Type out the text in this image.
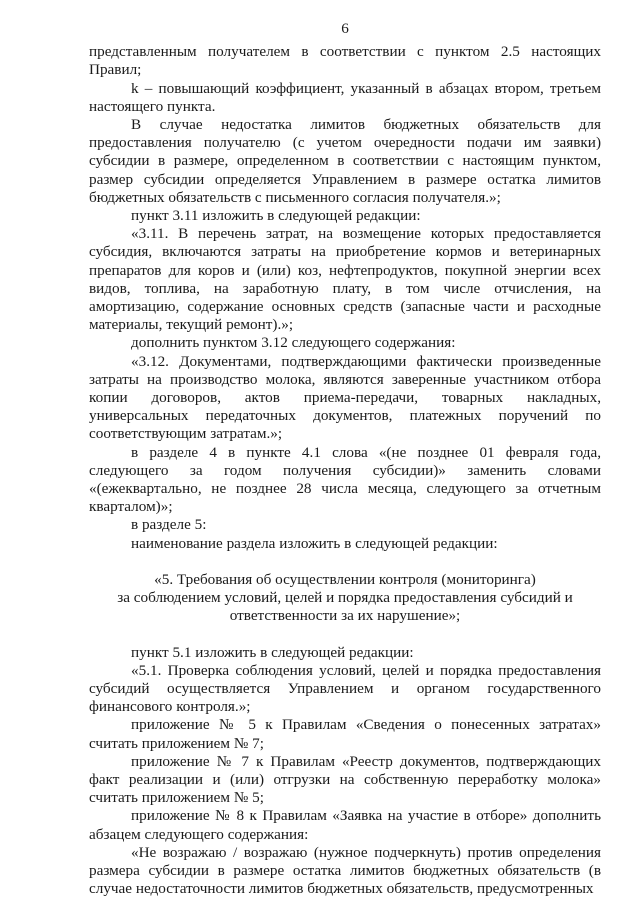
6

представленным получателем в соответствии с пунктом 2.5 настоящих Правил;

k – повышающий коэффициент, указанный в абзацах втором, третьем настоящего пункта.

В случае недостатка лимитов бюджетных обязательств для предоставления получателю (с учетом очередности подачи им заявки) субсидии в размере, определенном в соответствии с настоящим пунктом, размер субсидии определяется Управлением в размере остатка лимитов бюджетных обязательств с письменного согласия получателя.»;

пункт 3.11 изложить в следующей редакции:

«3.11. В перечень затрат, на возмещение которых предоставляется субсидия, включаются затраты на приобретение кормов и ветеринарных препаратов для коров и (или) коз, нефтепродуктов, покупной энергии всех видов, топлива, на заработную плату, в том числе отчисления, на амортизацию, содержание основных средств (запасные части и расходные материалы, текущий ремонт).»;

дополнить пунктом 3.12 следующего содержания:

«3.12. Документами, подтверждающими фактически произведенные затраты на производство молока, являются заверенные участником отбора копии договоров, актов приема-передачи, товарных накладных, универсальных передаточных документов, платежных поручений по соответствующим затратам.»;

в разделе 4 в пункте 4.1 слова «(не позднее 01 февраля года, следующего за годом получения субсидии)» заменить словами «(ежеквартально, не позднее 28 числа месяца, следующего за отчетным кварталом)»;

в разделе 5:

наименование раздела изложить в следующей редакции:

«5. Требования об осуществлении контроля (мониторинга)

за соблюдением условий, целей и порядка предоставления субсидий и

ответственности за их нарушение»;

пункт 5.1 изложить в следующей редакции:

«5.1. Проверка соблюдения условий, целей и порядка предоставления субсидий осуществляется Управлением и органом государственного финансового контроля.»;

приложение № 5 к Правилам «Сведения о понесенных затратах» считать приложением № 7;

приложение № 7 к Правилам «Реестр документов, подтверждающих факт реализации и (или) отгрузки на собственную переработку молока» считать приложением № 5;

приложение № 8 к Правилам «Заявка на участие в отборе» дополнить абзацем следующего содержания:

«Не возражаю / возражаю (нужное подчеркнуть) против определения размера субсидии в размере остатка лимитов бюджетных обязательств (в случае недостаточности лимитов бюджетных обязательств, предусмотренных
